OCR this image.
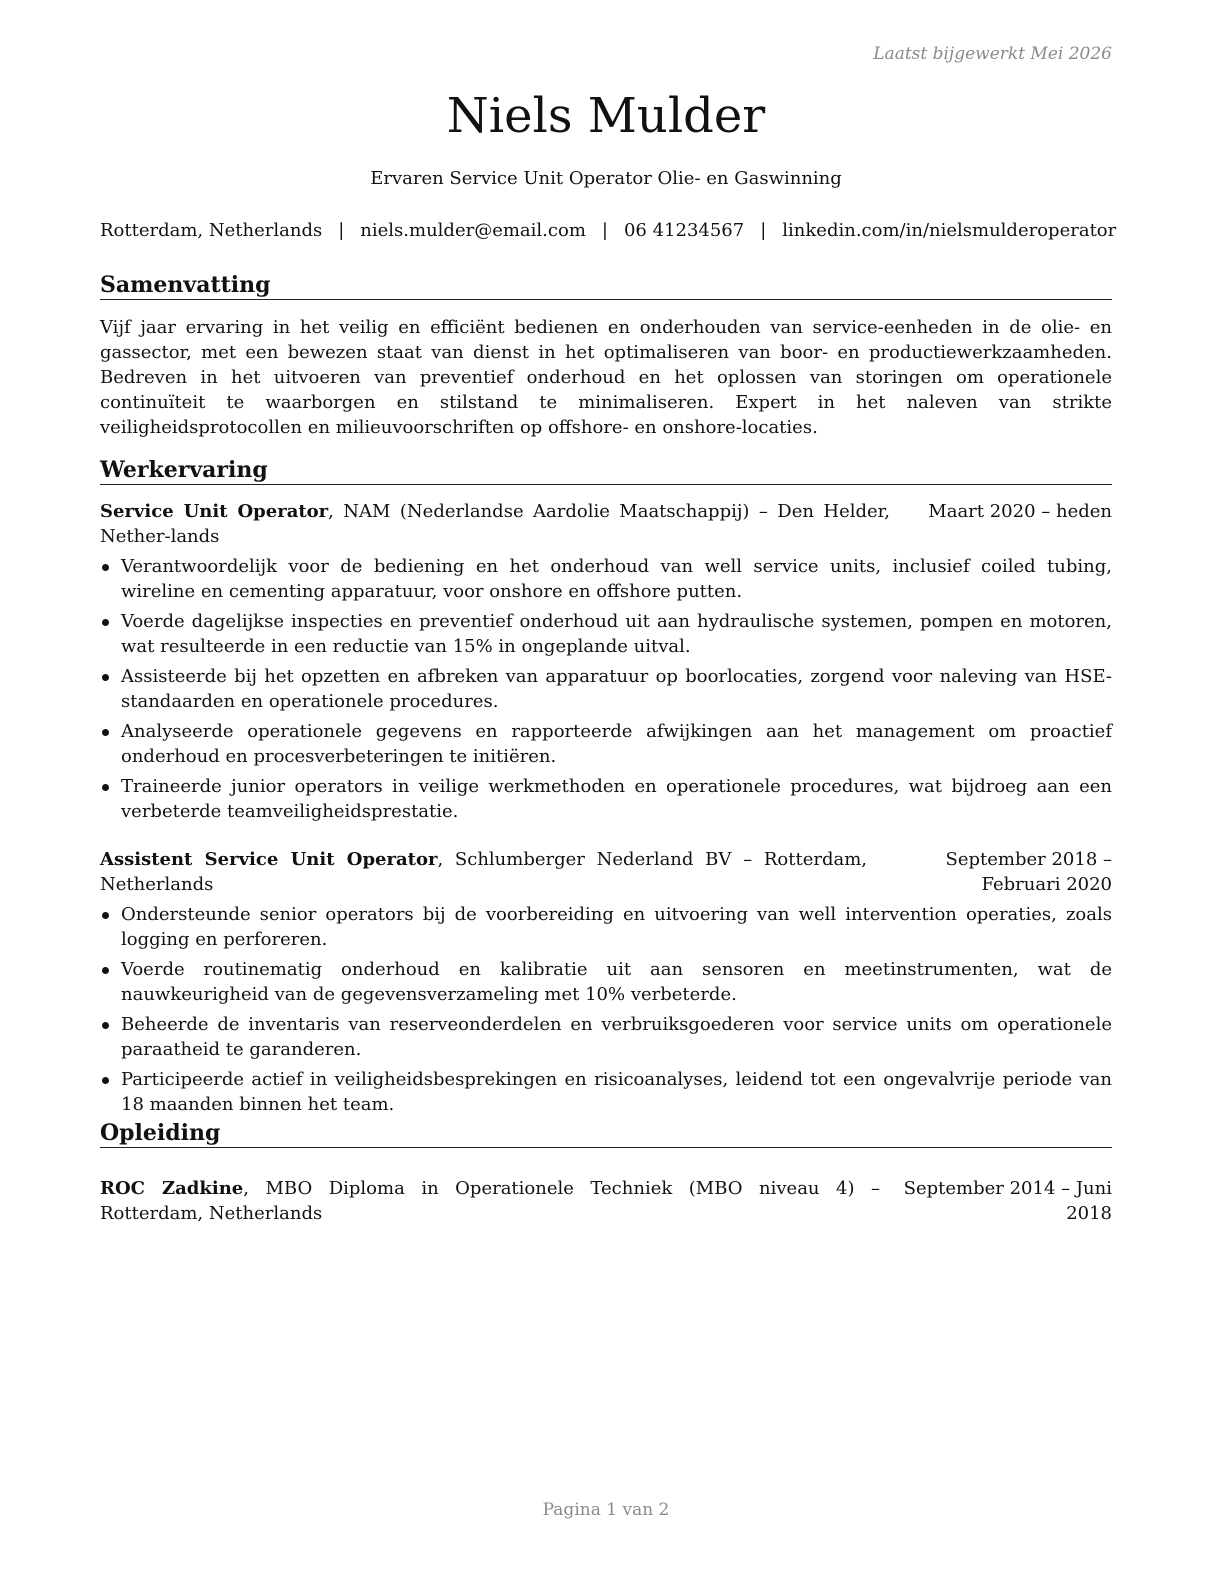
Laatst bijgewerkt Mei 2026
Niels Mulder
Ervaren Service Unit Operator Olie- en Gaswinning
Rotterdam, Netherlands | niels.mulder@email.com | 06 41234567 | linkedin.com/in/nielsmulderoperator
Samenvatting

Vijf jaar ervaring in het veilig en efficiënt bedienen en onderhouden van service-eenheden in de olie- en gassector, met een bewezen staat van dienst in het optimaliseren van boor- en productiewerkzaamheden. Bedreven in het uitvoeren van preventief onderhoud en het oplossen van storingen om operationele continuïteit te waarborgen en stilstand te minimaliseren. Expert in het naleven van strikte veiligheidsprotocollen en milieuvoorschriften op offshore- en onshore-locaties.

Werkervaring
Service Unit Operator, NAM (Nederlandse Aardolie Maatschappij) – Den Helder, Nether-lands
Maart 2020 – heden
Verantwoordelijk voor de bediening en het onderhoud van well service units, inclusief coiled tubing, wireline en cementing apparatuur, voor onshore en offshore putten.
Voerde dagelijkse inspecties en preventief onderhoud uit aan hydraulische systemen, pompen en motoren, wat resulteerde in een reductie van 15% in ongeplande uitval.
Assisteerde bij het opzetten en afbreken van apparatuur op boorlocaties, zorgend voor naleving van HSE-standaarden en operationele procedures.
Analyseerde operationele gegevens en rapporteerde afwijkingen aan het management om proactief onderhoud en procesverbeteringen te initiëren.
Traineerde junior operators in veilige werkmethoden en operationele procedures, wat bijdroeg aan een verbeterde teamveiligheidsprestatie.
Assistent Service Unit Operator, Schlumberger Nederland BV – Rotterdam, Netherlands
September 2018 – Februari 2020
Ondersteunde senior operators bij de voorbereiding en uitvoering van well intervention operaties, zoals logging en perforeren.
Voerde routinematig onderhoud en kalibratie uit aan sensoren en meetinstrumenten, wat de nauwkeurigheid van de gegevensverzameling met 10% verbeterde.
Beheerde de inventaris van reserveonderdelen en verbruiksgoederen voor service units om operationele paraatheid te garanderen.
Participeerde actief in veiligheidsbesprekingen en risicoanalyses, leidend tot een ongevalvrije periode van 18 maanden binnen het team.
Opleiding
ROC Zadkine, MBO Diploma in Operationele Techniek (MBO niveau 4) – Rotterdam, Netherlands
September 2014 – Juni 2018
Pagina 1 van 2
